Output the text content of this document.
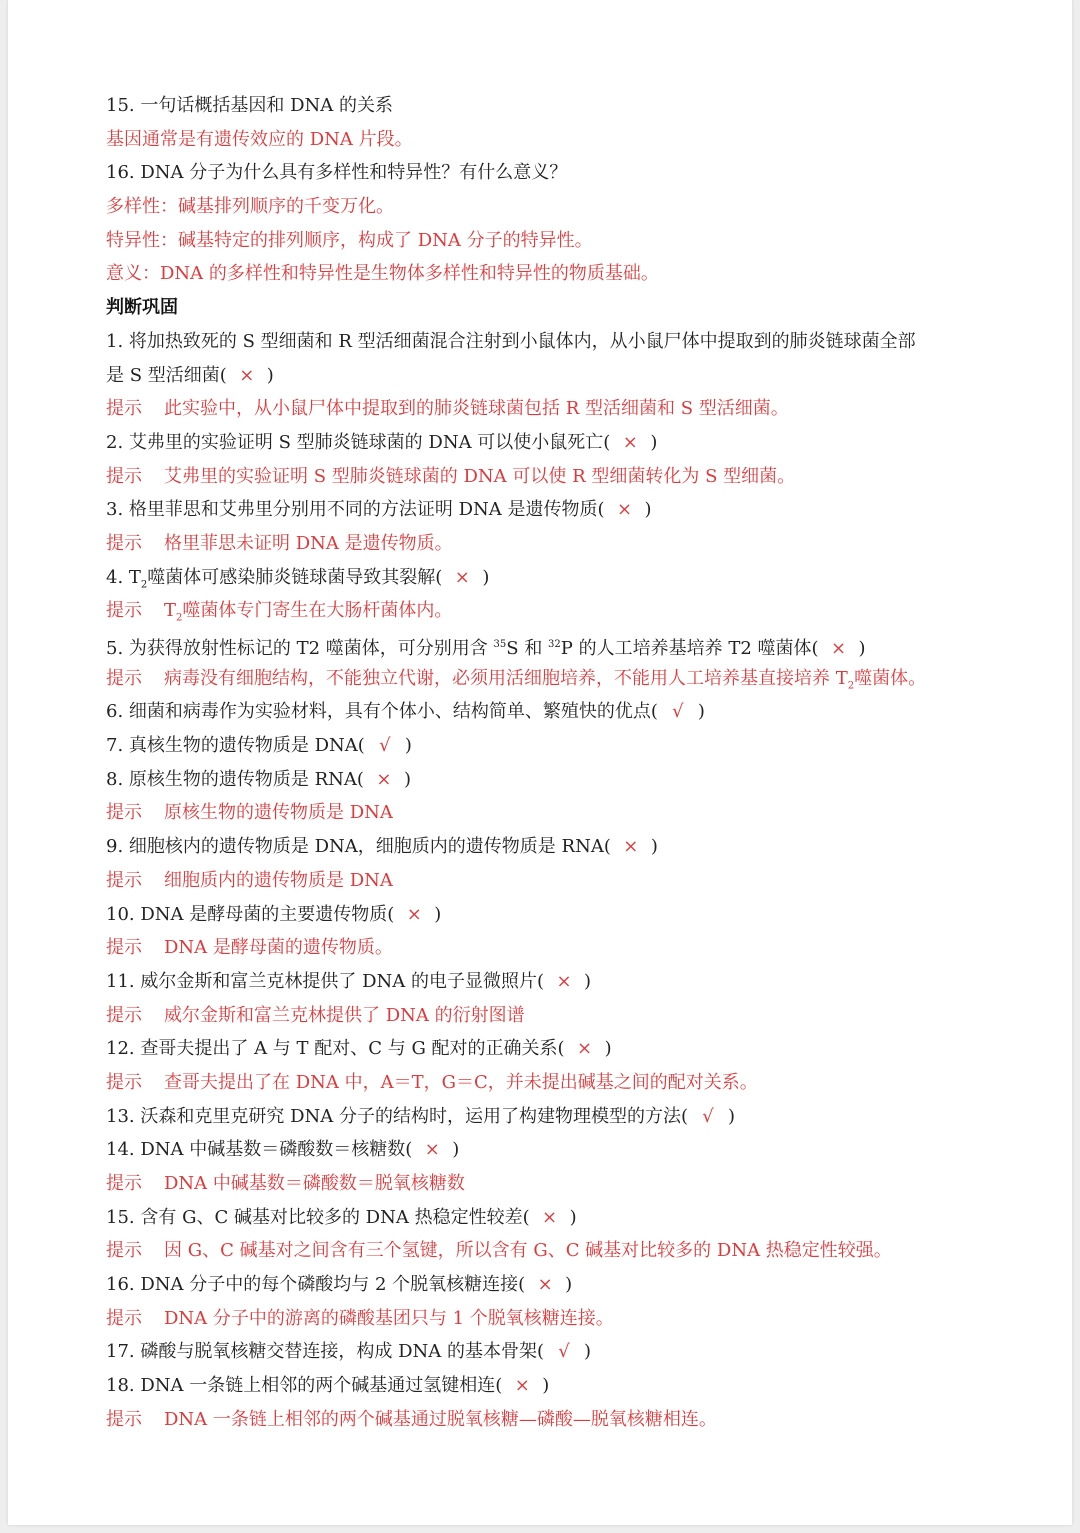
15. 一句话概括基因和 DNA 的关系
基因通常是有遗传效应的 DNA 片段。
16. DNA 分子为什么具有多样性和特异性？有什么意义？
多样性：碱基排列顺序的千变万化。
特异性：碱基特定的排列顺序，构成了 DNA 分子的特异性。
意义：DNA 的多样性和特异性是生物体多样性和特异性的物质基础。
判断巩固
1. 将加热致死的 S 型细菌和 R 型活细菌混合注射到小鼠体内，从小鼠尸体中提取到的肺炎链球菌全部
是 S 型活细菌( × )
提示 此实验中，从小鼠尸体中提取到的肺炎链球菌包括 R 型活细菌和 S 型活细菌。
2. 艾弗里的实验证明 S 型肺炎链球菌的 DNA 可以使小鼠死亡( × )
提示 艾弗里的实验证明 S 型肺炎链球菌的 DNA 可以使 R 型细菌转化为 S 型细菌。
3. 格里菲思和艾弗里分别用不同的方法证明 DNA 是遗传物质( × )
提示 格里菲思未证明 DNA 是遗传物质。
4. $T_2$噬菌体可感染肺炎链球菌导致其裂解( × )
提示 $T_2$噬菌体专门寄生在大肠杆菌体内。
5. 为获得放射性标记的 T2 噬菌体，可分别用含 $^{35}$S 和 $^{32}$P 的人工培养基培养 T2 噬菌体( × )
提示 病毒没有细胞结构，不能独立代谢，必须用活细胞培养，不能用人工培养基直接培养 $T_2$噬菌体。
6. 细菌和病毒作为实验材料，具有个体小、结构简单、繁殖快的优点( √ )
7. 真核生物的遗传物质是 DNA( √ )
8. 原核生物的遗传物质是 RNA( × )
提示 原核生物的遗传物质是 DNA
9. 细胞核内的遗传物质是 DNA，细胞质内的遗传物质是 RNA( × )
提示 细胞质内的遗传物质是 DNA
10. DNA 是酵母菌的主要遗传物质( × )
提示 DNA 是酵母菌的遗传物质。
11. 威尔金斯和富兰克林提供了 DNA 的电子显微照片( × )
提示 威尔金斯和富兰克林提供了 DNA 的衍射图谱
12. 查哥夫提出了 A 与 T 配对、C 与 G 配对的正确关系( × )
提示 查哥夫提出了在 DNA 中，A＝T，G＝C，并未提出碱基之间的配对关系。
13. 沃森和克里克研究 DNA 分子的结构时，运用了构建物理模型的方法( √ )
14. DNA 中碱基数＝磷酸数＝核糖数( × )
提示 DNA 中碱基数＝磷酸数＝脱氧核糖数
15. 含有 G、C 碱基对比较多的 DNA 热稳定性较差( × )
提示 因 G、C 碱基对之间含有三个氢键，所以含有 G、C 碱基对比较多的 DNA 热稳定性较强。
16. DNA 分子中的每个磷酸均与 2 个脱氧核糖连接( × )
提示 DNA 分子中的游离的磷酸基团只与 1 个脱氧核糖连接。
17. 磷酸与脱氧核糖交替连接，构成 DNA 的基本骨架( √ )
18. DNA 一条链上相邻的两个碱基通过氢键相连( × )
提示 DNA 一条链上相邻的两个碱基通过脱氧核糖—磷酸—脱氧核糖相连。
